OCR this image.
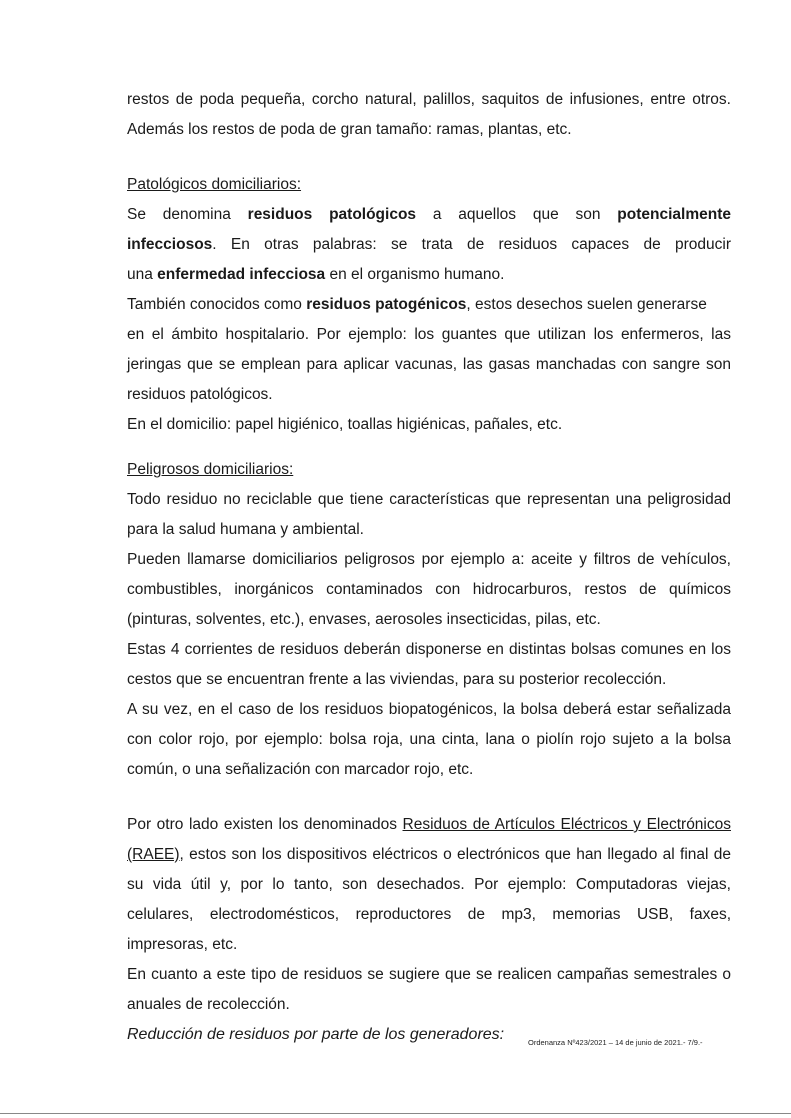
restos de poda pequeña, corcho natural, palillos, saquitos de infusiones, entre otros.
Además los restos de poda de gran tamaño: ramas, plantas, etc.
Patológicos domiciliarios:
Se denomina residuos patológicos a aquellos que son potencialmente
infecciosos. En otras palabras: se trata de residuos capaces de producir
una enfermedad infecciosa en el organismo humano.
También conocidos como residuos patogénicos, estos desechos suelen generarse
en el ámbito hospitalario. Por ejemplo: los guantes que utilizan los enfermeros, las
jeringas que se emplean para aplicar vacunas, las gasas manchadas con sangre son
residuos patológicos.
En el domicilio: papel higiénico, toallas higiénicas, pañales, etc.
Peligrosos domiciliarios:
Todo residuo no reciclable que tiene características que representan una peligrosidad
para la salud humana y ambiental.
Pueden llamarse domiciliarios peligrosos por ejemplo a: aceite y filtros de vehículos,
combustibles, inorgánicos contaminados con hidrocarburos, restos de químicos
(pinturas, solventes, etc.), envases, aerosoles insecticidas, pilas, etc.
Estas 4 corrientes de residuos deberán disponerse en distintas bolsas comunes en los
cestos que se encuentran frente a las viviendas, para su posterior recolección.
A su vez, en el caso de los residuos biopatogénicos, la bolsa deberá estar señalizada
con color rojo, por ejemplo: bolsa roja, una cinta, lana o piolín rojo sujeto a la bolsa
común, o una señalización con marcador rojo, etc.
Por otro lado existen los denominados Residuos de Artículos Eléctricos y Electrónicos
(RAEE), estos son los dispositivos eléctricos o electrónicos que han llegado al final de
su vida útil y, por lo tanto, son desechados. Por ejemplo: Computadoras viejas,
celulares, electrodomésticos, reproductores de mp3, memorias USB, faxes,
impresoras, etc.
En cuanto a este tipo de residuos se sugiere que se realicen campañas semestrales o
anuales de recolección.
Reducción de residuos por parte de los generadores:	Ordenanza Nº423/2021 – 14 de junio de 2021.- 7/9.-
